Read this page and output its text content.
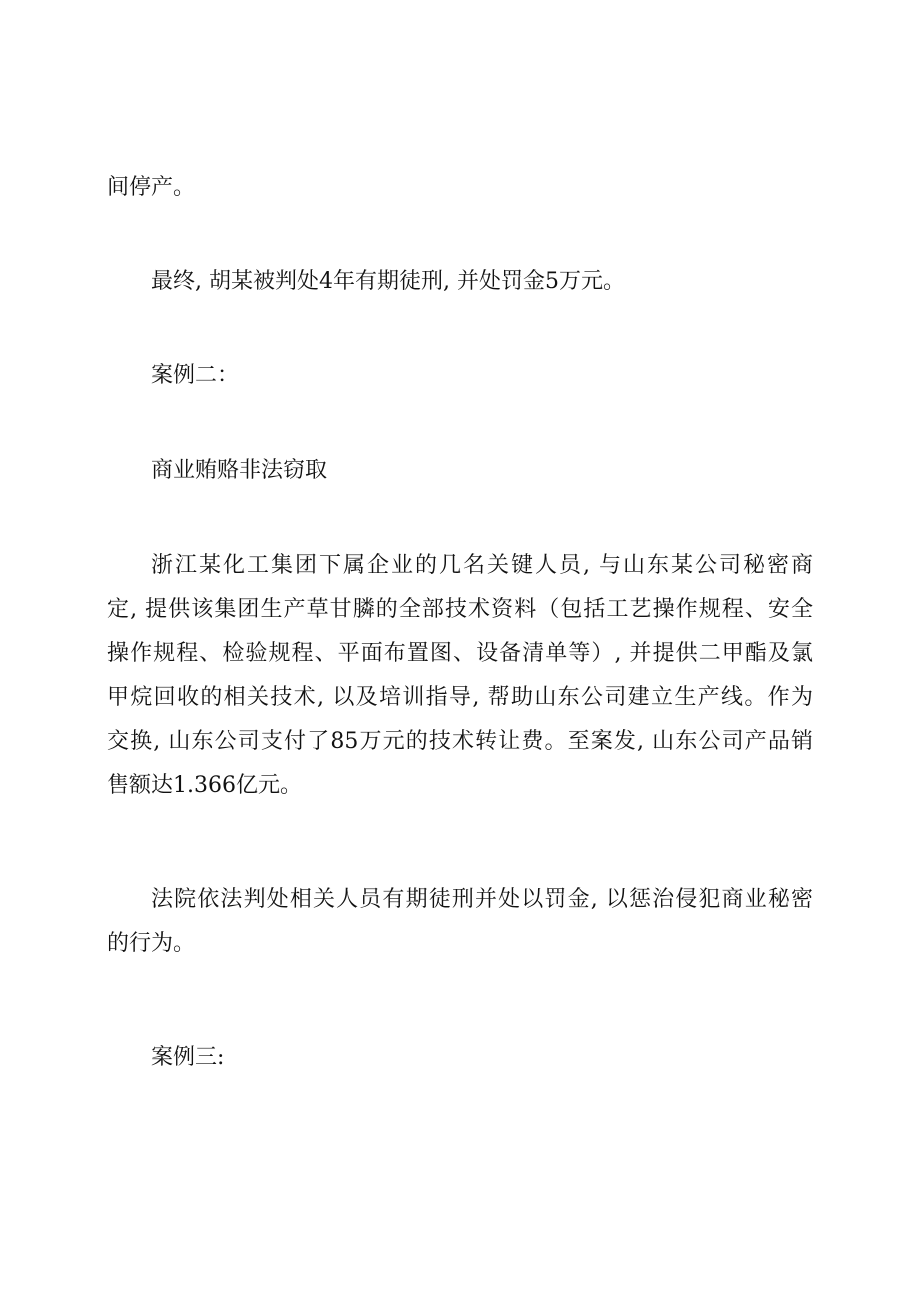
间停产。

最终, 胡某被判处4年有期徒刑, 并处罚金5万元。

案例二：

商业贿赂非法窃取

浙江某化工集团下属企业的几名关键人员, 与山东某公司秘密商
定, 提供该集团生产草甘膦的全部技术资料（包括工艺操作规程、安全
操作规程、检验规程、平面布置图、设备清单等）, 并提供二甲酯及氯
甲烷回收的相关技术, 以及培训指导, 帮助山东公司建立生产线。作为
交换, 山东公司支付了85万元的技术转让费。至案发, 山东公司产品销
售额达1.366亿元。
法院依法判处相关人员有期徒刑并处以罚金, 以惩治侵犯商业秘密
的行为。

案例三:
